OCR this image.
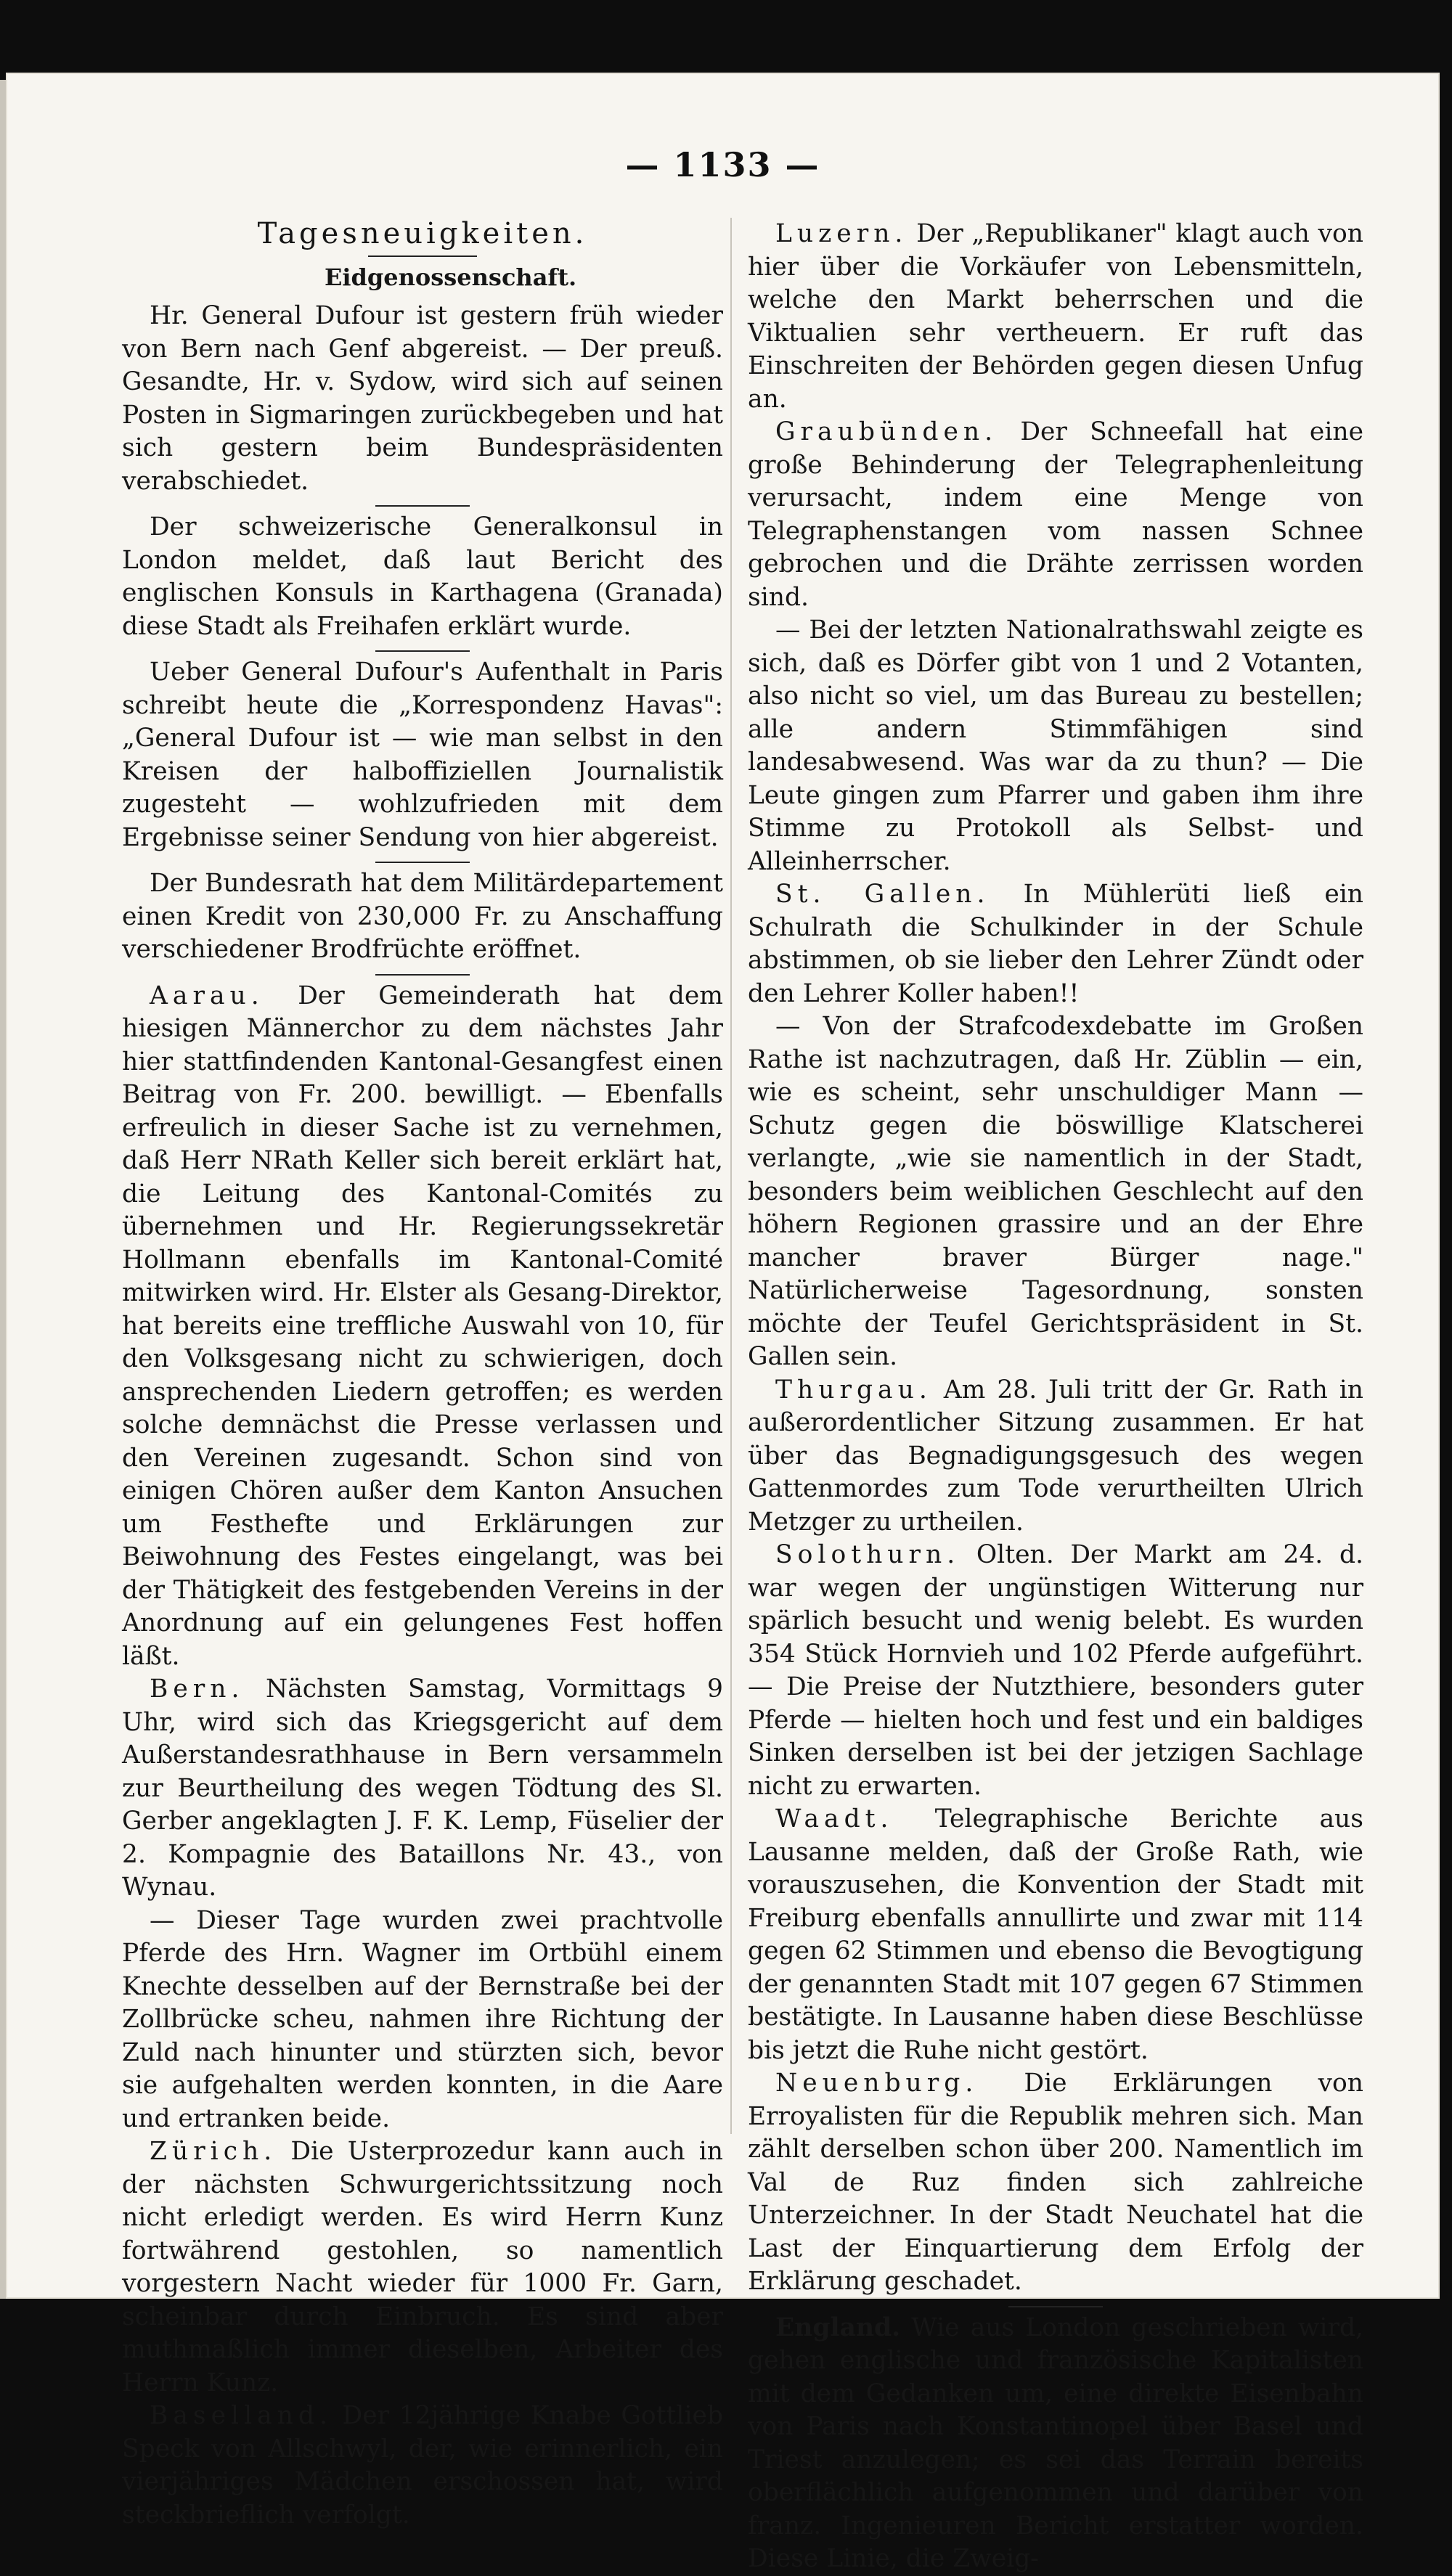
— 1133 —
Tagesneuigkeiten.
Eidgenossenschaft.

Hr. General Dufour ist gestern früh wieder von Bern nach Genf abgereist. — Der preuß. Gesandte, Hr. v. Sydow, wird sich auf seinen Posten in Sigmaringen zurückbegeben und hat sich gestern beim Bundespräsidenten verabschiedet.

Der schweizerische Generalkonsul in London meldet, daß laut Bericht des englischen Konsuls in Karthagena (Granada) diese Stadt als Freihafen erklärt wurde.

Ueber General Dufour's Aufenthalt in Paris schreibt heute die „Korrespondenz Havas": „General Dufour ist — wie man selbst in den Kreisen der halboffiziellen Journalistik zugesteht — wohlzufrieden mit dem Ergebnisse seiner Sendung von hier abgereist.

Der Bundesrath hat dem Militärdepartement einen Kredit von 230,000 Fr. zu Anschaffung verschiedener Brodfrüchte eröffnet.

Aarau. Der Gemeinderath hat dem hiesigen Männerchor zu dem nächstes Jahr hier stattfindenden Kantonal-Gesangfest einen Beitrag von Fr. 200. bewilligt. — Ebenfalls erfreulich in dieser Sache ist zu vernehmen, daß Herr NRath Keller sich bereit erklärt hat, die Leitung des Kantonal-Comités zu übernehmen und Hr. Regierungssekretär Hollmann ebenfalls im Kantonal-Comité mitwirken wird. Hr. Elster als Gesang-Direktor, hat bereits eine treffliche Auswahl von 10, für den Volksgesang nicht zu schwierigen, doch ansprechenden Liedern getroffen; es werden solche demnächst die Presse verlassen und den Vereinen zugesandt. Schon sind von einigen Chören außer dem Kanton Ansuchen um Festhefte und Erklärungen zur Beiwohnung des Festes eingelangt, was bei der Thätigkeit des festgebenden Vereins in der Anordnung auf ein gelungenes Fest hoffen läßt.

Bern. Nächsten Samstag, Vormittags 9 Uhr, wird sich das Kriegsgericht auf dem Außerstandesrathhause in Bern versammeln zur Beurtheilung des wegen Tödtung des Sl. Gerber angeklagten J. F. K. Lemp, Füselier der 2. Kompagnie des Bataillons Nr. 43., von Wynau.

— Dieser Tage wurden zwei prachtvolle Pferde des Hrn. Wagner im Ortbühl einem Knechte desselben auf der Bernstraße bei der Zollbrücke scheu, nahmen ihre Richtung der Zuld nach hinunter und stürzten sich, bevor sie aufgehalten werden konnten, in die Aare und ertranken beide.

Zürich. Die Usterprozedur kann auch in der nächsten Schwurgerichtssitzung noch nicht erledigt werden. Es wird Herrn Kunz fortwährend gestohlen, so namentlich vorgestern Nacht wieder für 1000 Fr. Garn, scheinbar durch Einbruch. Es sind aber muthmaßlich immer dieselben, Arbeiter des Herrn Kunz.

Baselland. Der 12jährige Knabe Gottlieb Speck von Allschwyl, der, wie erinnerlich, ein vierjähriges Mädchen erschossen hat, wird steckbrieflich verfolgt.

Luzern. Der „Republikaner" klagt auch von hier über die Vorkäufer von Lebensmitteln, welche den Markt beherrschen und die Viktualien sehr vertheuern. Er ruft das Einschreiten der Behörden gegen diesen Unfug an.

Graubünden. Der Schneefall hat eine große Behinderung der Telegraphenleitung verursacht, indem eine Menge von Telegraphenstangen vom nassen Schnee gebrochen und die Drähte zerrissen worden sind.

— Bei der letzten Nationalrathswahl zeigte es sich, daß es Dörfer gibt von 1 und 2 Votanten, also nicht so viel, um das Bureau zu bestellen; alle andern Stimmfähigen sind landesabwesend. Was war da zu thun? — Die Leute gingen zum Pfarrer und gaben ihm ihre Stimme zu Protokoll als Selbst- und Alleinherrscher.

St. Gallen. In Mühlerüti ließ ein Schulrath die Schulkinder in der Schule abstimmen, ob sie lieber den Lehrer Zündt oder den Lehrer Koller haben!!

— Von der Strafcodexdebatte im Großen Rathe ist nachzutragen, daß Hr. Züblin — ein, wie es scheint, sehr unschuldiger Mann — Schutz gegen die böswillige Klatscherei verlangte, „wie sie namentlich in der Stadt, besonders beim weiblichen Geschlecht auf den höhern Regionen grassire und an der Ehre mancher braver Bürger nage." Natürlicherweise Tagesordnung, sonsten möchte der Teufel Gerichtspräsident in St. Gallen sein.

Thurgau. Am 28. Juli tritt der Gr. Rath in außerordentlicher Sitzung zusammen. Er hat über das Begnadigungsgesuch des wegen Gattenmordes zum Tode verurtheilten Ulrich Metzger zu urtheilen.

Solothurn. Olten. Der Markt am 24. d. war wegen der ungünstigen Witterung nur spärlich besucht und wenig belebt. Es wurden 354 Stück Hornvieh und 102 Pferde aufgeführt. — Die Preise der Nutzthiere, besonders guter Pferde — hielten hoch und fest und ein baldiges Sinken derselben ist bei der jetzigen Sachlage nicht zu erwarten.

Waadt. Telegraphische Berichte aus Lausanne melden, daß der Große Rath, wie vorauszusehen, die Konvention der Stadt mit Freiburg ebenfalls annullirte und zwar mit 114 gegen 62 Stimmen und ebenso die Bevogtigung der genannten Stadt mit 107 gegen 67 Stimmen bestätigte. In Lausanne haben diese Beschlüsse bis jetzt die Ruhe nicht gestört.

Neuenburg. Die Erklärungen von Erroyalisten für die Republik mehren sich. Man zählt derselben schon über 200. Namentlich im Val de Ruz finden sich zahlreiche Unterzeichner. In der Stadt Neuchatel hat die Last der Einquartierung dem Erfolg der Erklärung geschadet.

England. Wie aus London geschrieben wird, gehen englische und französische Kapitalisten mit dem Gedanken um, eine direkte Eisenbahn von Paris nach Konstantinopel über Basel und Triest anzulegen; es sei das Terrain bereits oberflächlich aufgenommen und darüber von franz. Ingenieuren Bericht erstatter worden. Diese Linie, die Zweig-
